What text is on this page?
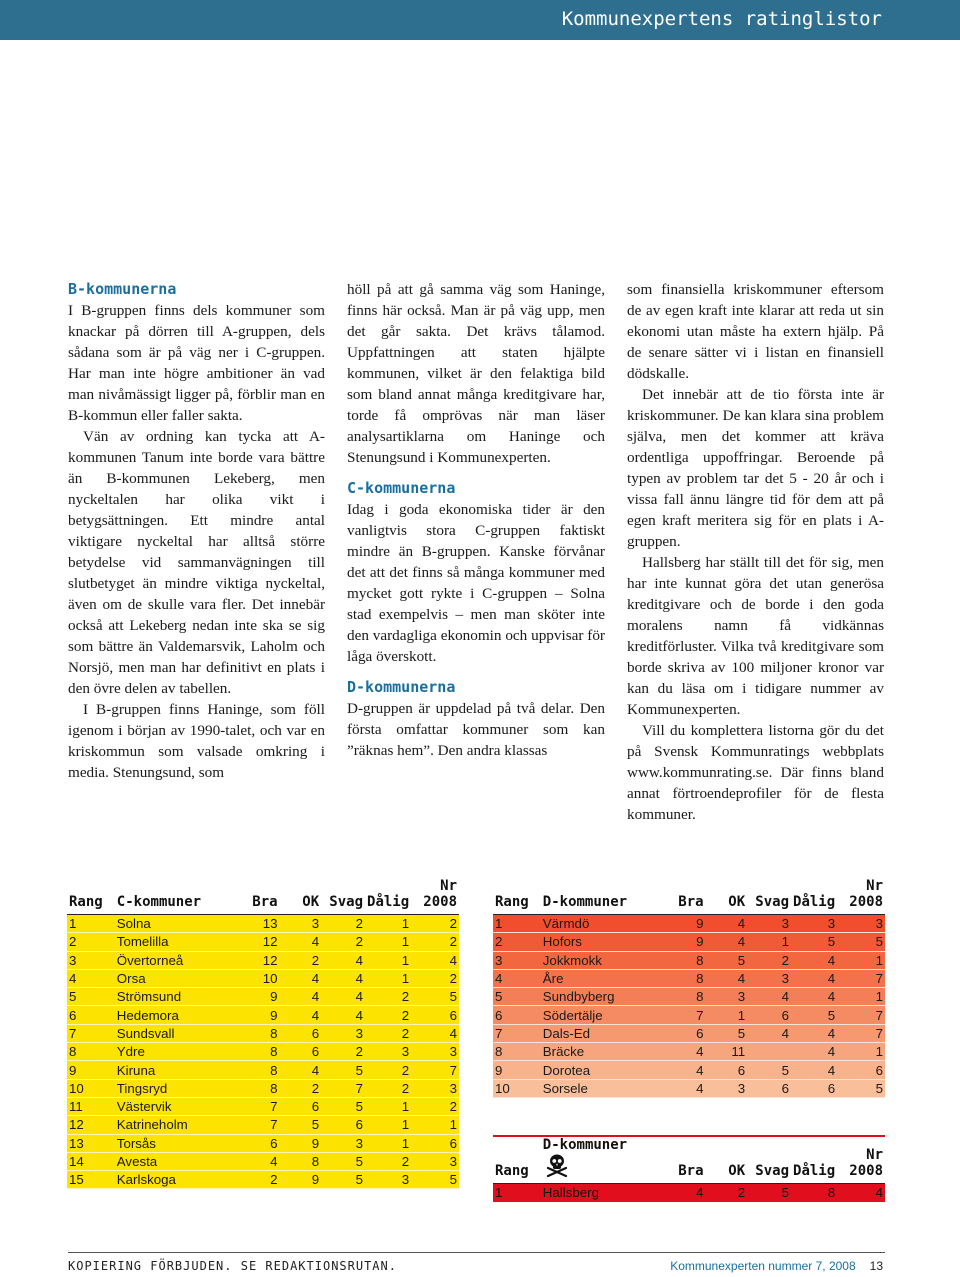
Kommunexpertens ratinglistor
B-kommunerna

I B-gruppen finns dels kommuner som knackar på dörren till A-gruppen, dels sådana som är på väg ner i C-gruppen. Har man inte högre ambitioner än vad man nivåmässigt ligger på, förblir man en B-kommun eller faller sakta.

Vän av ordning kan tycka att A-kommunen Tanum inte borde vara bättre än B-kommunen Lekeberg, men nyckeltalen har olika vikt i betygsättningen. Ett mindre antal viktigare nyckeltal har alltså större betydelse vid sammanvägningen till slutbetyget än mindre viktiga nyckeltal, även om de skulle vara fler. Det innebär också att Lekeberg nedan inte ska se sig som bättre än Valdemarsvik, Laholm och Norsjö, men man har definitivt en plats i den övre delen av tabellen.

I B-gruppen finns Haninge, som föll igenom i början av 1990-talet, och var en kriskommun som valsade omkring i media. Stenungsund, som

höll på att gå samma väg som Haninge, finns här också. Man är på väg upp, men det går sakta. Det krävs tålamod. Uppfattningen att staten hjälpte kommunen, vilket är den felaktiga bild som bland annat många kreditgivare har, torde få omprövas när man läser analysartiklarna om Haninge och Stenungsund i Kommunexperten.

C-kommunerna

Idag i goda ekonomiska tider är den vanligtvis stora C-gruppen faktiskt mindre än B-gruppen. Kanske förvånar det att det finns så många kommuner med mycket gott rykte i C-gruppen – Solna stad exempelvis – men man sköter inte den vardagliga ekonomin och uppvisar för låga överskott.

D-kommunerna

D-gruppen är uppdelad på två delar. Den första omfattar kommuner som kan ”räknas hem”. Den andra klassas

som finansiella kriskommuner eftersom de av egen kraft inte klarar att reda ut sin ekonomi utan måste ha extern hjälp. På de senare sätter vi i listan en finansiell dödskalle.

Det innebär att de tio första inte är kriskommuner. De kan klara sina problem själva, men det kommer att kräva ordentliga uppoffringar. Beroende på typen av problem tar det 5 - 20 år och i vissa fall ännu längre tid för dem att på egen kraft meritera sig för en plats i A-gruppen.

Hallsberg har ställt till det för sig, men har inte kunnat göra det utan generösa kreditgivare och de borde i den goda moralens namn få vidkännas kreditförluster. Vilka två kreditgivare som borde skriva av 100 miljoner kronor var kan du läsa om i tidigare nummer av Kommunexperten.

Vill du komplettera listorna gör du det på Svensk Kommunratings webbplats www.kommunrating.se. Där finns bland annat förtroendeprofiler för de flesta kommuner.

Rang	C-kommuner	Bra	OK	Svag	Dålig	Nr
2008
1	Solna	13	3	2	1	2
2	Tomelilla	12	4	2	1	2
3	Övertorneå	12	2	4	1	4
4	Orsa	10	4	4	1	2
5	Strömsund	9	4	4	2	5
6	Hedemora	9	4	4	2	6
7	Sundsvall	8	6	3	2	4
8	Ydre	8	6	2	3	3
9	Kiruna	8	4	5	2	7
10	Tingsryd	8	2	7	2	3
11	Västervik	7	6	5	1	2
12	Katrineholm	7	5	6	1	1
13	Torsås	6	9	3	1	6
14	Avesta	4	8	5	2	3
15	Karlskoga	2	9	5	3	5
Rang	D-kommuner	Bra	OK	Svag	Dålig	Nr
2008
1	Värmdö	9	4	3	3	3
2	Hofors	9	4	1	5	5
3	Jokkmokk	8	5	2	4	1
4	Åre	8	4	3	4	7
5	Sundbyberg	8	3	4	4	1
6	Södertälje	7	1	6	5	7
7	Dals-Ed	6	5	4	4	7
8	Bräcke	4	11		4	1
9	Dorotea	4	6	5	4	6
10	Sorsele	4	3	6	6	5
Rang	D-kommuner	Bra	OK	Svag	Dålig	Nr
2008
1	Hallsberg	4	2	5	8	4
KOPIERING FÖRBJUDEN. SE REDAKTIONSRUTAN.	Kommunexperten nummer 7, 2008 13
